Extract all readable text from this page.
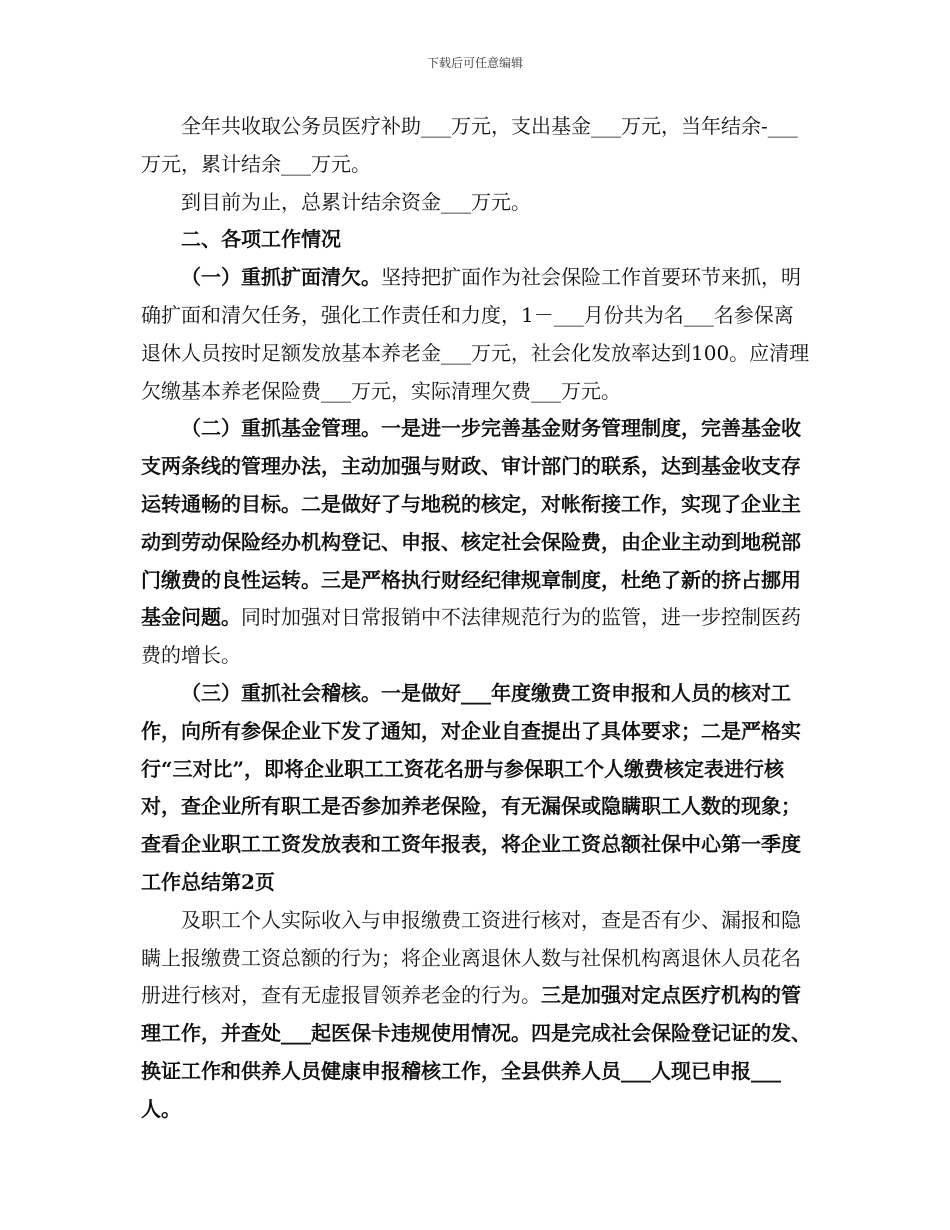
下载后可任意编辑

全年共收取公务员医疗补助___万元，支出基金___万元，当年结余-___万元，累计结余___万元。

到目前为止，总累计结余资金___万元。

二、各项工作情况

（一）重抓扩面清欠。坚持把扩面作为社会保险工作首要环节来抓，明确扩面和清欠任务，强化工作责任和力度，1－___月份共为名___名参保离退休人员按时足额发放基本养老金___万元，社会化发放率达到100。应清理欠缴基本养老保险费___万元，实际清理欠费___万元。

（二）重抓基金管理。一是进一步完善基金财务管理制度，完善基金收支两条线的管理办法，主动加强与财政、审计部门的联系，达到基金收支存运转通畅的目标。二是做好了与地税的核定，对帐衔接工作，实现了企业主动到劳动保险经办机构登记、申报、核定社会保险费，由企业主动到地税部门缴费的良性运转。三是严格执行财经纪律规章制度，杜绝了新的挤占挪用基金问题。同时加强对日常报销中不法律规范行为的监管，进一步控制医药费的增长。

（三）重抓社会稽核。一是做好___年度缴费工资申报和人员的核对工作，向所有参保企业下发了通知，对企业自查提出了具体要求；二是严格实行“三对比”，即将企业职工工资花名册与参保职工个人缴费核定表进行核对，查企业所有职工是否参加养老保险，有无漏保或隐瞒职工人数的现象；查看企业职工工资发放表和工资年报表，将企业工资总额社保中心第一季度工作总结第2页

及职工个人实际收入与申报缴费工资进行核对，查是否有少、漏报和隐瞒上报缴费工资总额的行为；将企业离退休人数与社保机构离退休人员花名册进行核对，查有无虚报冒领养老金的行为。三是加强对定点医疗机构的管理工作，并查处___起医保卡违规使用情况。四是完成社会保险登记证的发、换证工作和供养人员健康申报稽核工作，全县供养人员___人现已申报___人。
